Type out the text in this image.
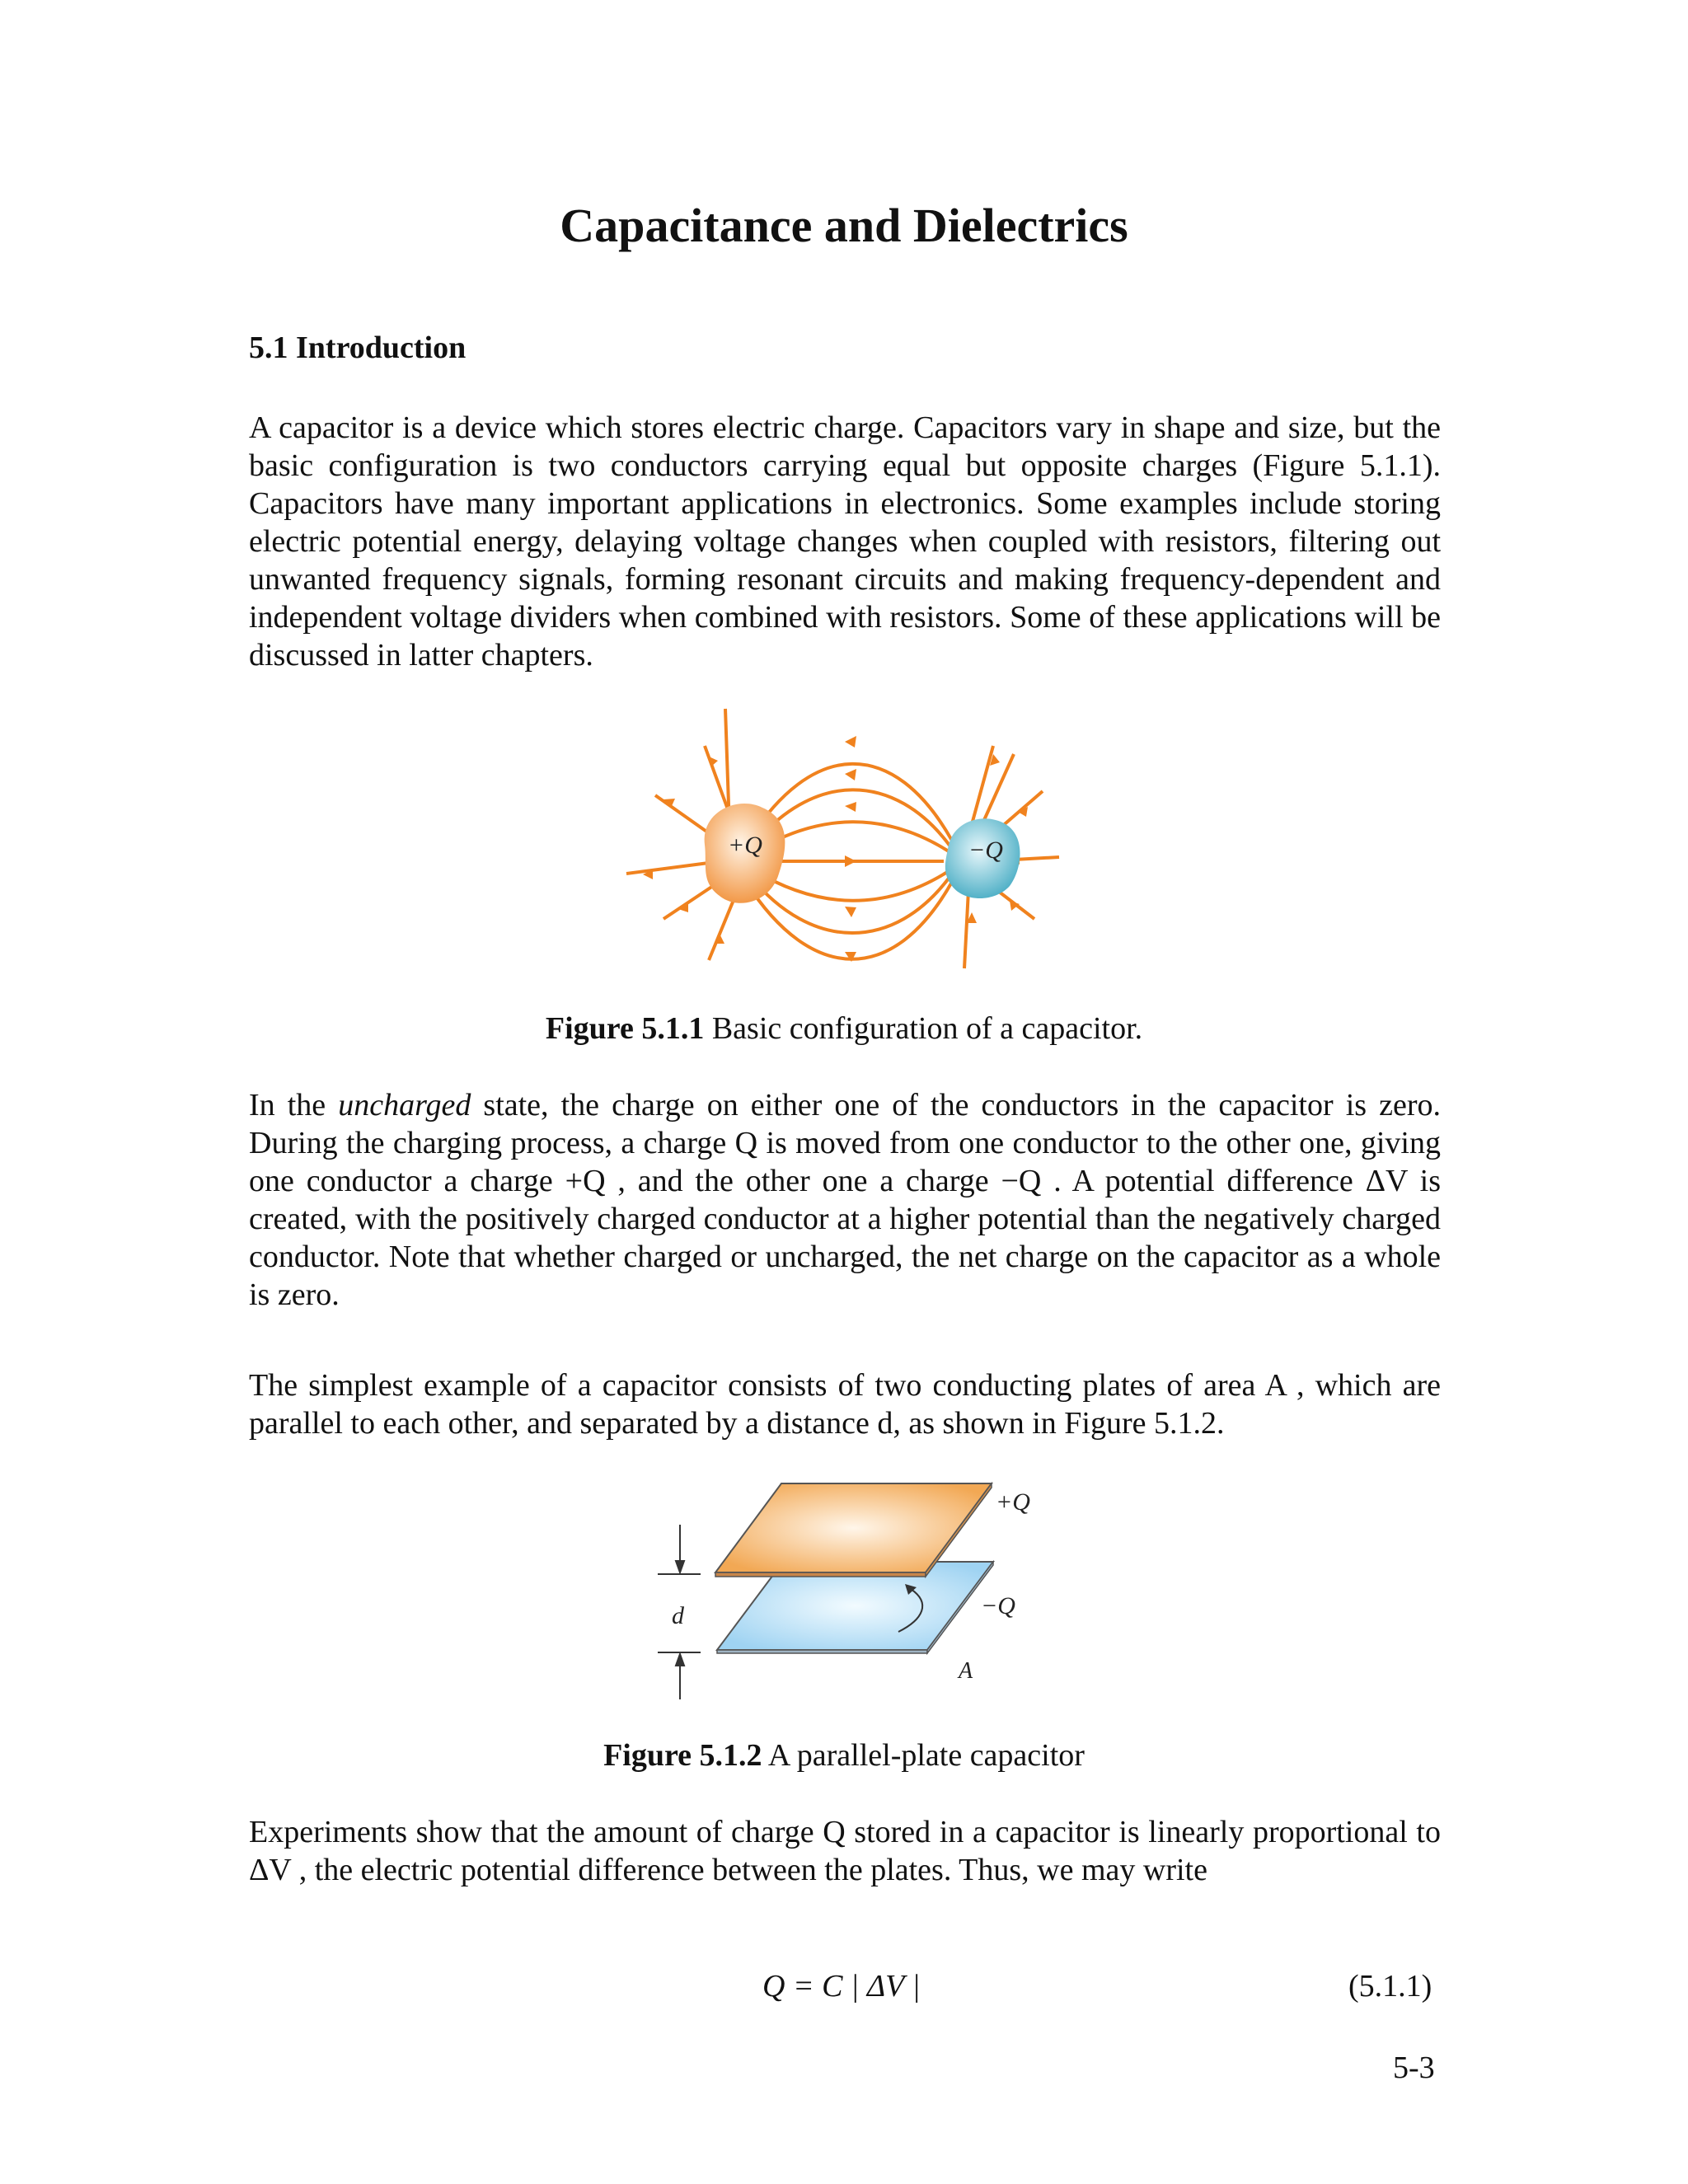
Capacitance and Dielectrics
5.1 Introduction

A capacitor is a device which stores electric charge. Capacitors vary in shape and size, but the basic configuration is two conductors carrying equal but opposite charges (Figure 5.1.1). Capacitors have many important applications in electronics. Some examples include storing electric potential energy, delaying voltage changes when coupled with resistors, filtering out unwanted frequency signals, forming resonant circuits and making frequency-dependent and independent voltage dividers when combined with resistors. Some of these applications will be discussed in latter chapters.

+Q	−Q

Figure 5.1.1 Basic configuration of a capacitor.

In the uncharged state, the charge on either one of the conductors in the capacitor is zero. During the charging process, a charge Q is moved from one conductor to the other one, giving one conductor a charge +Q , and the other one a charge −Q . A potential difference ΔV is created, with the positively charged conductor at a higher potential than the negatively charged conductor. Note that whether charged or uncharged, the net charge on the capacitor as a whole is zero.

The simplest example of a capacitor consists of two conducting plates of area A , which are parallel to each other, and separated by a distance d, as shown in Figure 5.1.2.

d
+Q
−Q
A

Figure 5.1.2 A parallel-plate capacitor

Experiments show that the amount of charge Q stored in a capacitor is linearly proportional to ΔV , the electric potential difference between the plates. Thus, we may write

Q = C | ΔV |	(5.1.1)
5-3
